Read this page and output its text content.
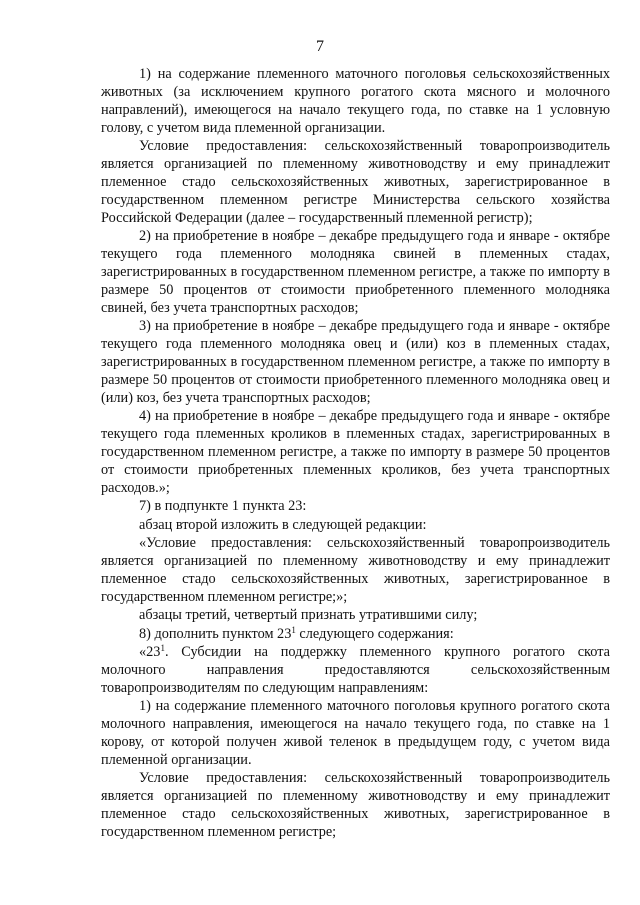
7

1) на содержание племенного маточного поголовья сельскохозяйственных животных (за исключением крупного рогатого скота мясного и молочного направлений), имеющегося на начало текущего года, по ставке на 1 условную голову, с учетом вида племенной организации.

Условие предоставления: сельскохозяйственный товаропроизводитель является организацией по племенному животноводству и ему принадлежит племенное стадо сельскохозяйственных животных, зарегистрированное в государственном племенном регистре Министерства сельского хозяйства Российской Федерации (далее – государственный племенной регистр);

2) на приобретение в ноябре – декабре предыдущего года и январе - октябре текущего года племенного молодняка свиней в племенных стадах, зарегистрированных в государственном племенном регистре, а также по импорту в размере 50 процентов от стоимости приобретенного племенного молодняка свиней, без учета транспортных расходов;

3) на приобретение в ноябре – декабре предыдущего года и январе - октябре текущего года племенного молодняка овец и (или) коз в племенных стадах, зарегистрированных в государственном племенном регистре, а также по импорту в размере 50 процентов от стоимости приобретенного племенного молодняка овец и (или) коз, без учета транспортных расходов;

4) на приобретение в ноябре – декабре предыдущего года и январе - октябре текущего года племенных кроликов в племенных стадах, зарегистрированных в государственном племенном регистре, а также по импорту в размере 50 процентов от стоимости приобретенных племенных кроликов, без учета транспортных расходов.»;

7) в подпункте 1 пункта 23:

абзац второй изложить в следующей редакции:

«Условие предоставления: сельскохозяйственный товаропроизводитель является организацией по племенному животноводству и ему принадлежит племенное стадо сельскохозяйственных животных, зарегистрированное в государственном племенном регистре;»;

абзацы третий, четвертый признать утратившими силу;

8) дополнить пунктом $23^1$ следующего содержания:

«$23^1$. Субсидии на поддержку племенного крупного рогатого скота молочного направления предоставляются сельскохозяйственным товаропроизводителям по следующим направлениям:

1) на содержание племенного маточного поголовья крупного рогатого скота молочного направления, имеющегося на начало текущего года, по ставке на 1 корову, от которой получен живой теленок в предыдущем году, с учетом вида племенной организации.

Условие предоставления: сельскохозяйственный товаропроизводитель является организацией по племенному животноводству и ему принадлежит племенное стадо сельскохозяйственных животных, зарегистрированное в государственном племенном регистре;
